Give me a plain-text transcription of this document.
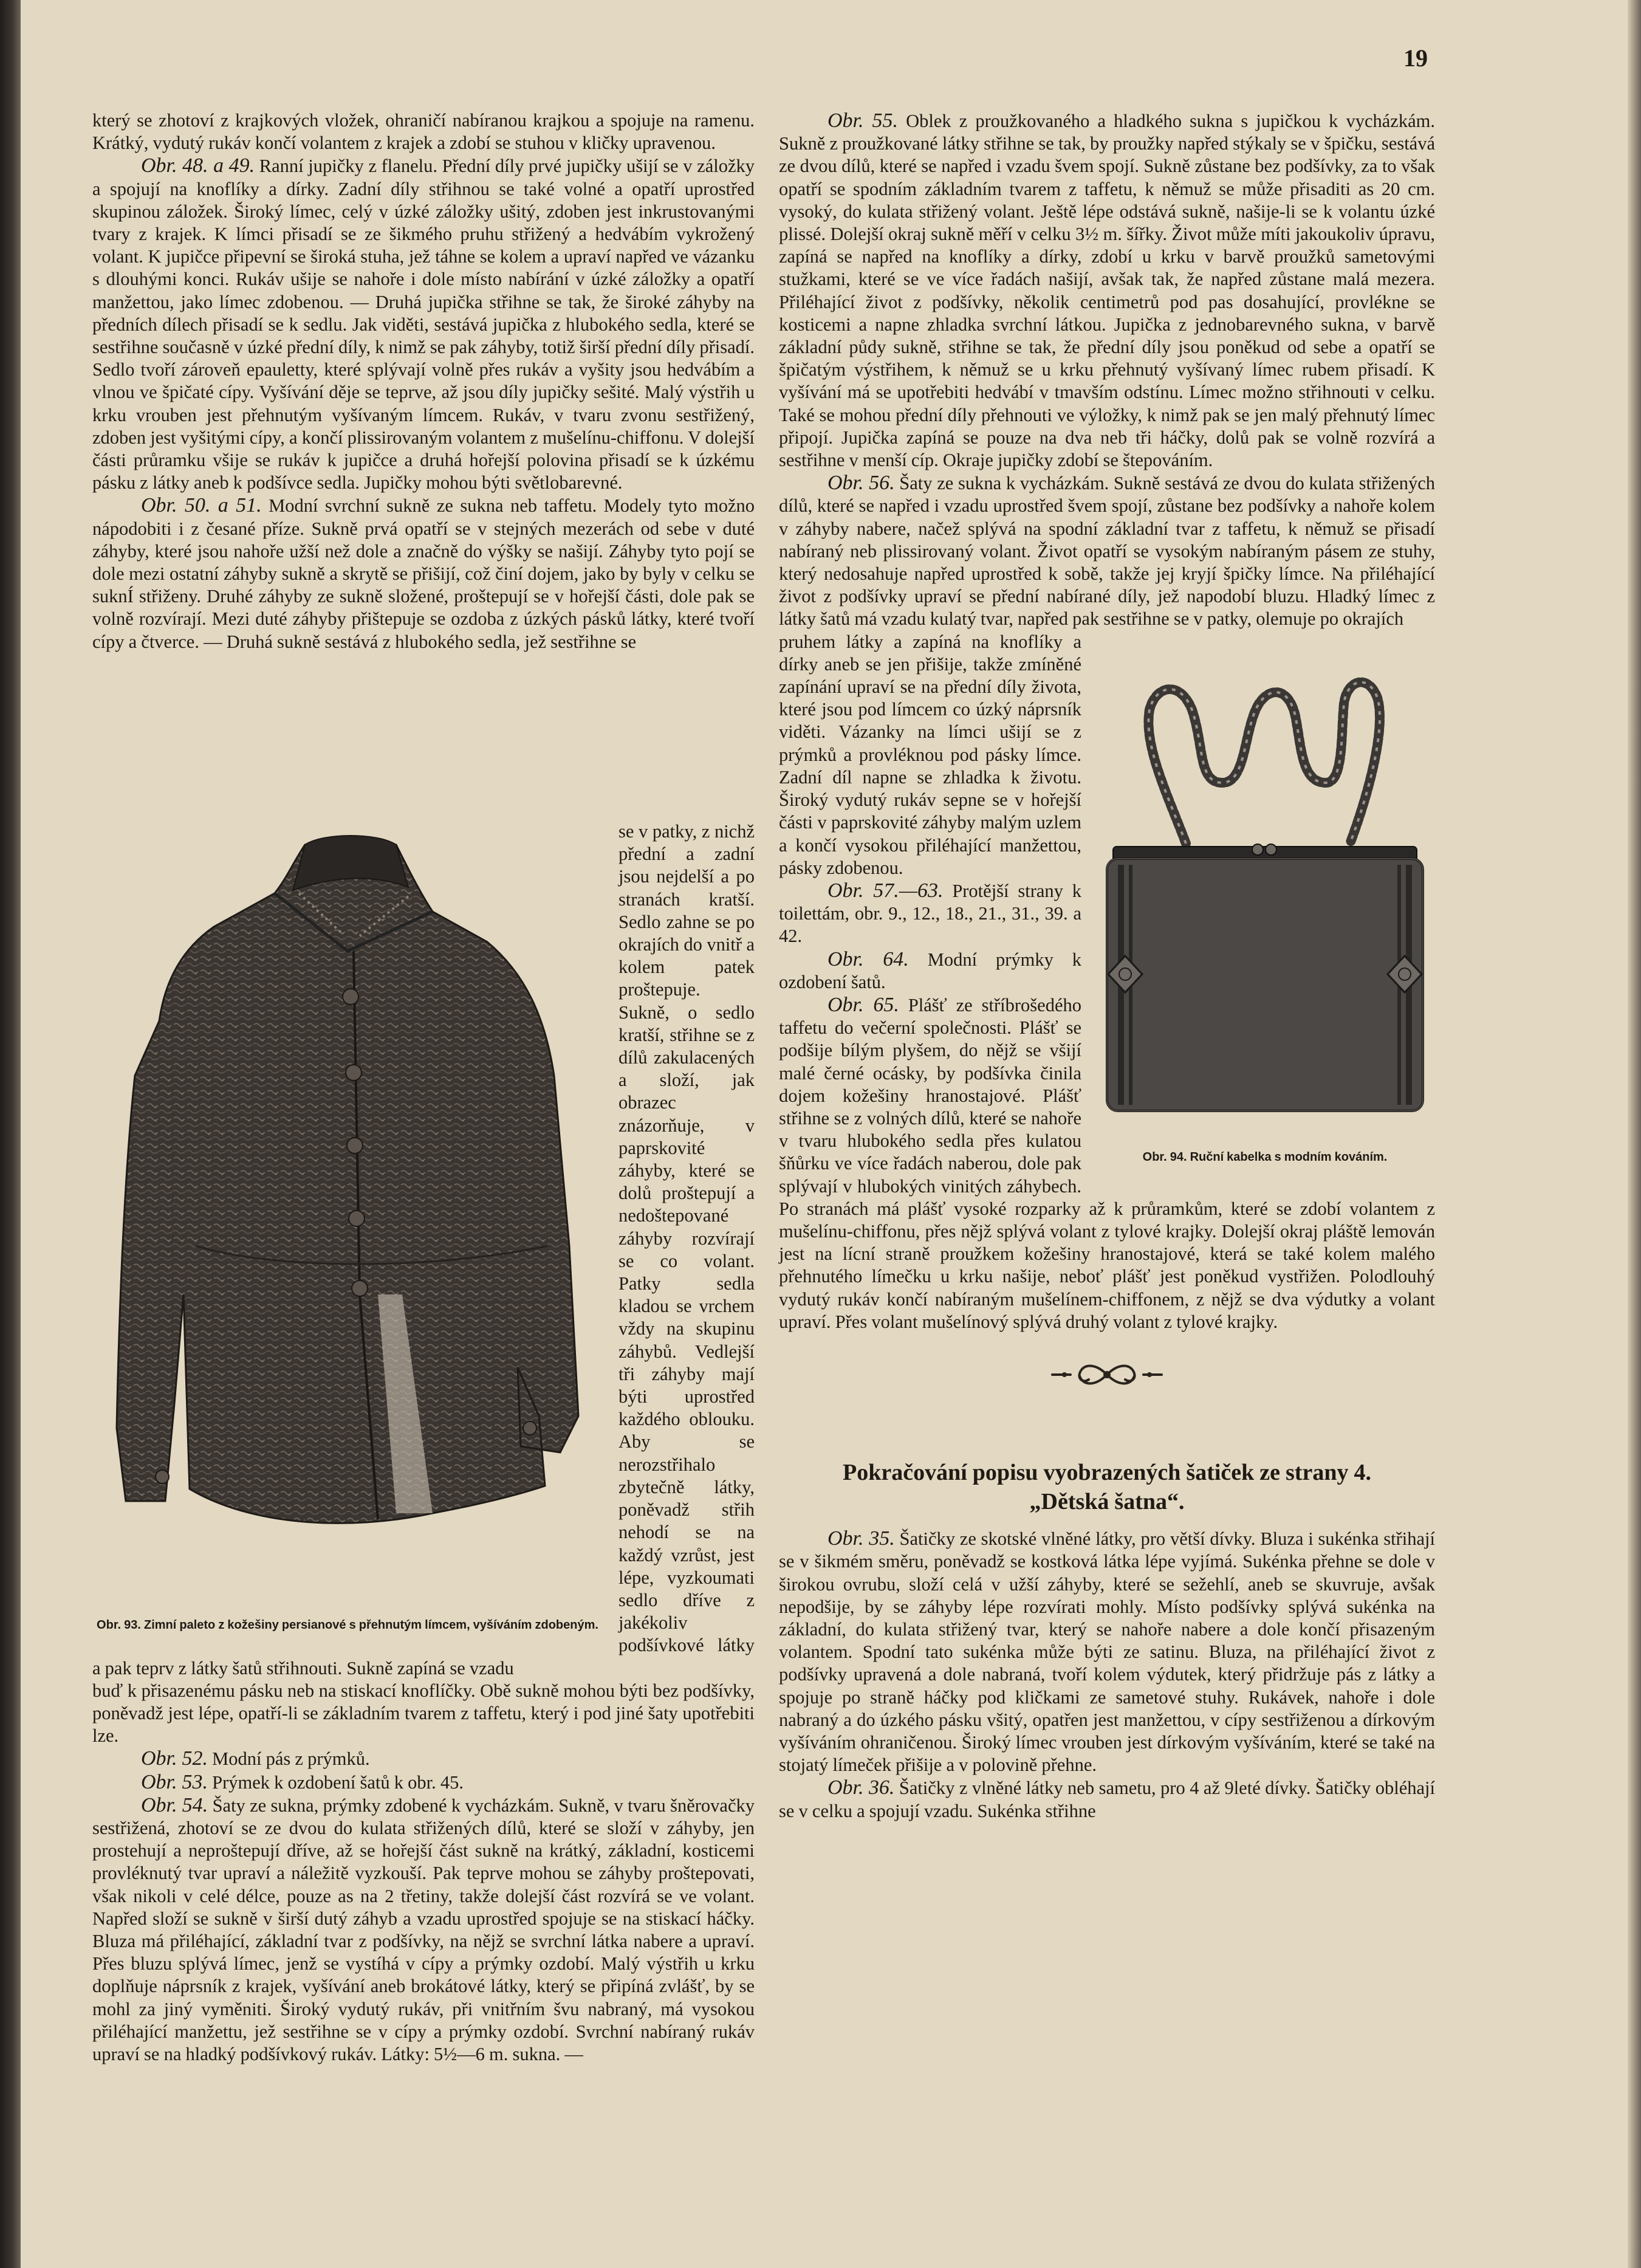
19

který se zhotoví z krajkových vložek, ohraničí nabíranou krajkou a spojuje na ramenu. Krátký, vydutý rukáv končí volantem z krajek a zdobí se stuhou v kličky upravenou.

Obr. 48. a 49. Ranní jupičky z flanelu. Přední díly prvé jupičky ušijí se v záložky a spojují na knoflíky a dírky. Zadní díly střihnou se také volné a opatří uprostřed skupinou záložek. Široký límec, celý v úzké záložky ušitý, zdoben jest inkrustovanými tvary z krajek. K límci přisadí se ze šikmého pruhu střižený a hedvábím vykrožený volant. K jupičce připevní se široká stuha, jež táhne se kolem a upraví napřed ve vázanku s dlouhými konci. Rukáv ušije se nahoře i dole místo nabírání v úzké záložky a opatří manžettou, jako límec zdobenou. — Druhá jupička střihne se tak, že široké záhyby na předních dílech přisadí se k sedlu. Jak viděti, sestává jupička z hlubokého sedla, které se sestřihne současně v úzké přední díly, k nimž se pak záhyby, totiž širší přední díly přisadí. Sedlo tvoří zároveň epauletty, které splývají volně přes rukáv a vyšity jsou hedvábím a vlnou ve špičaté cípy. Vyšívání děje se teprve, až jsou díly jupičky sešité. Malý výstřih u krku vrouben jest přehnutým vyšívaným límcem. Rukáv, v tvaru zvonu sestřižený, zdoben jest vyšitými cípy, a končí plissirovaným volantem z mušelínu-chiffonu. V dolejší části průramku všije se rukáv k jupičce a druhá hořejší polovina přisadí se k úzkému pásku z látky aneb k podšívce sedla. Jupičky mohou býti světlobarevné.

Obr. 50. a 51. Modní svrchní sukně ze sukna neb taffetu. Modely tyto možno nápodobiti i z česané příze. Sukně prvá opatří se v stejných mezerách od sebe v duté záhyby, které jsou nahoře užší než dole a značně do výšky se našijí. Záhyby tyto pojí se dole mezi ostatní záhyby sukně a skrytě se přišijí, což činí dojem, jako by byly v celku se suknÍ střiženy. Druhé záhyby ze sukně složené, proštepují se v hořejší části, dole pak se volně rozvírají. Mezi duté záhyby přištepuje se ozdoba z úzkých pásků látky, které tvoří cípy a čtverce. — Druhá sukně sestává z hlubokého sedla, jež sestřihne se

Obr. 93. Zimní paleto z kožešiny persianové s přehnutým límcem, vyšíváním zdobeným.

se v patky, z nichž přední a zadní jsou nejdelší a po stranách kratší. Sedlo zahne se po okrajích do vnitř a kolem patek proštepuje. Sukně, o sedlo kratší, střihne se z dílů zakulacených a složí, jak obrazec znázorňuje, v paprskovité záhyby, které se dolů proštepují a nedoštepované záhyby rozvírají se co volant. Patky sedla kladou se vrchem vždy na skupinu záhybů. Vedlejší tři záhyby mají býti uprostřed každého oblouku. Aby se nerozstřihalo zbytečně látky, poněvadž střih nehodí se na každý vzrůst, jest lépe, vyzkoumati sedlo dříve z jakékoliv podšívkové látky a pak teprv z látky šatů střihnouti. Sukně zapíná se vzadu

buď k přisazenému pásku neb na stiskací knoflíčky. Obě sukně mohou býti bez podšívky, poněvadž jest lépe, opatří-li se základním tvarem z taffetu, který i pod jiné šaty upotřebiti lze.

Obr. 52. Modní pás z prýmků.

Obr. 53. Prýmek k ozdobení šatů k obr. 45.

Obr. 54. Šaty ze sukna, prýmky zdobené k vycházkám. Sukně, v tvaru šněrovačky sestřižená, zhotoví se ze dvou do kulata střižených dílů, které se složí v záhyby, jen prostehují a neproštepují dříve, až se hořejší část sukně na krátký, základní, kosticemi provléknutý tvar upraví a náležitě vyzkouší. Pak teprve mohou se záhyby proštepovati, však nikoli v celé délce, pouze as na 2 třetiny, takže dolejší část rozvírá se ve volant. Napřed složí se sukně v širší dutý záhyb a vzadu uprostřed spojuje se na stiskací háčky. Bluza má přiléhající, základní tvar z podšívky, na nějž se svrchní látka nabere a upraví. Přes bluzu splývá límec, jenž se vystíhá v cípy a prýmky ozdobí. Malý výstřih u krku doplňuje náprsník z krajek, vyšívání aneb brokátové látky, který se připíná zvlášť, by se mohl za jiný vyměniti. Široký vydutý rukáv, při vnitřním švu nabraný, má vysokou přiléhající manžettu, jež sestřihne se v cípy a prýmky ozdobí. Svrchní nabíraný rukáv upraví se na hladký podšívkový rukáv. Látky: 5½—6 m. sukna. —

Obr. 55. Oblek z proužkovaného a hladkého sukna s jupičkou k vycházkám. Sukně z proužkované látky střihne se tak, by proužky napřed stýkaly se v špičku, sestává ze dvou dílů, které se napřed i vzadu švem spojí. Sukně zůstane bez podšívky, za to však opatří se spodním základním tvarem z taffetu, k němuž se může přisaditi as 20 cm. vysoký, do kulata střižený volant. Ještě lépe odstává sukně, našije-li se k volantu úzké plissé. Dolejší okraj sukně měří v celku 3½ m. šířky. Život může míti jakoukoliv úpravu, zapíná se napřed na knoflíky a dírky, zdobí u krku v barvě proužků sametovými stužkami, které se ve více řadách našijí, avšak tak, že napřed zůstane malá mezera. Přiléhající život z podšívky, několik centimetrů pod pas dosahující, provlékne se kosticemi a napne zhladka svrchní látkou. Jupička z jednobarevného sukna, v barvě základní půdy sukně, střihne se tak, že přední díly jsou poněkud od sebe a opatří se špičatým výstřihem, k němuž se u krku přehnutý vyšívaný límec rubem přisadí. K vyšívání má se upotřebiti hedvábí v tmavším odstínu. Límec možno střihnouti v celku. Také se mohou přední díly přehnouti ve výložky, k nimž pak se jen malý přehnutý límec připojí. Jupička zapíná se pouze na dva neb tři háčky, dolů pak se volně rozvírá a sestřihne v menší cíp. Okraje jupičky zdobí se štepováním.

Obr. 56. Šaty ze sukna k vycházkám. Sukně sestává ze dvou do kulata střižených dílů, které se napřed i vzadu uprostřed švem spojí, zůstane bez podšívky a nahoře kolem v záhyby nabere, načež splývá na spodní základní tvar z taffetu, k němuž se přisadí nabíraný neb plissirovaný volant. Život opatří se vysokým nabíraným pásem ze stuhy, který nedosahuje napřed uprostřed k sobě, takže jej kryjí špičky límce. Na přiléhající život z podšívky upraví se přední nabírané díly, jež napodobí bluzu. Hladký límec z látky šatů má vzadu kulatý tvar, napřed pak sestřihne se v patky, olemuje po okrajích

Obr. 94. Ruční kabelka s modním kováním.

pruhem látky a zapíná na knoflíky a dírky aneb se jen přišije, takže zmíněné zapínání upraví se na přední díly života, které jsou pod límcem co úzký náprsník viděti. Vázanky na límci ušijí se z prýmků a provléknou pod pásky límce. Zadní díl napne se zhladka k životu. Široký vydutý rukáv sepne se v hořejší části v paprskovité záhyby malým uzlem a končí vysokou přiléhající manžettou, pásky zdobenou.

Obr. 57.—63. Protější strany k toilettám, obr. 9., 12., 18., 21., 31., 39. a 42.

Obr. 64. Modní prýmky k ozdobení šatů.

Obr. 65. Plášť ze stříbrošedého taffetu do večerní společnosti. Plášť se podšije bílým plyšem, do nějž se všijí malé černé ocásky, by podšívka činila dojem kožešiny hranostajové. Plášť střihne se z volných dílů, které se nahoře v tvaru hlubokého sedla přes kulatou šňůrku ve více řadách naberou, dole pak splývají v hlubokých vinitých záhybech. Po stranách má plášť vysoké rozparky až k průramkům, které se zdobí volantem z mušelínu-chiffonu, přes nějž splývá volant z tylové krajky. Dolejší okraj pláště lemován jest na lícní straně proužkem kožešiny hranostajové, která se také kolem malého přehnutého límečku u krku našije, neboť plášť jest poněkud vystřižen. Polodlouhý vydutý rukáv končí nabíraným mušelínem-chiffonem, z nějž se dva výdutky a volant upraví. Přes volant mušelínový splývá druhý volant z tylové krajky.

Pokračování popisu vyobrazených šatiček ze strany 4.
„Dětská šatna“.

Obr. 35. Šatičky ze skotské vlněné látky, pro větší dívky. Bluza i sukénka střihají se v šikmém směru, poněvadž se kostková látka lépe vyjímá. Sukénka přehne se dole v širokou ovrubu, složí celá v užší záhyby, které se sežehlí, aneb se skuvruje, avšak nepodšije, by se záhyby lépe rozvírati mohly. Místo podšívky splývá sukénka na základní, do kulata střižený tvar, který se nahoře nabere a dole končí přisazeným volantem. Spodní tato sukénka může býti ze satinu. Bluza, na přiléhající život z podšívky upravená a dole nabraná, tvoří kolem výdutek, který přidržuje pás z látky a spojuje po straně háčky pod kličkami ze sametové stuhy. Rukávek, nahoře i dole nabraný a do úzkého pásku všitý, opatřen jest manžettou, v cípy sestřiženou a dírkovým vyšíváním ohraničenou. Široký límec vrouben jest dírkovým vyšíváním, které se také na stojatý límeček přišije a v polovině přehne.

Obr. 36. Šatičky z vlněné látky neb sametu, pro 4 až 9leté dívky. Šatičky obléhají se v celku a spojují vzadu. Sukénka střihne
